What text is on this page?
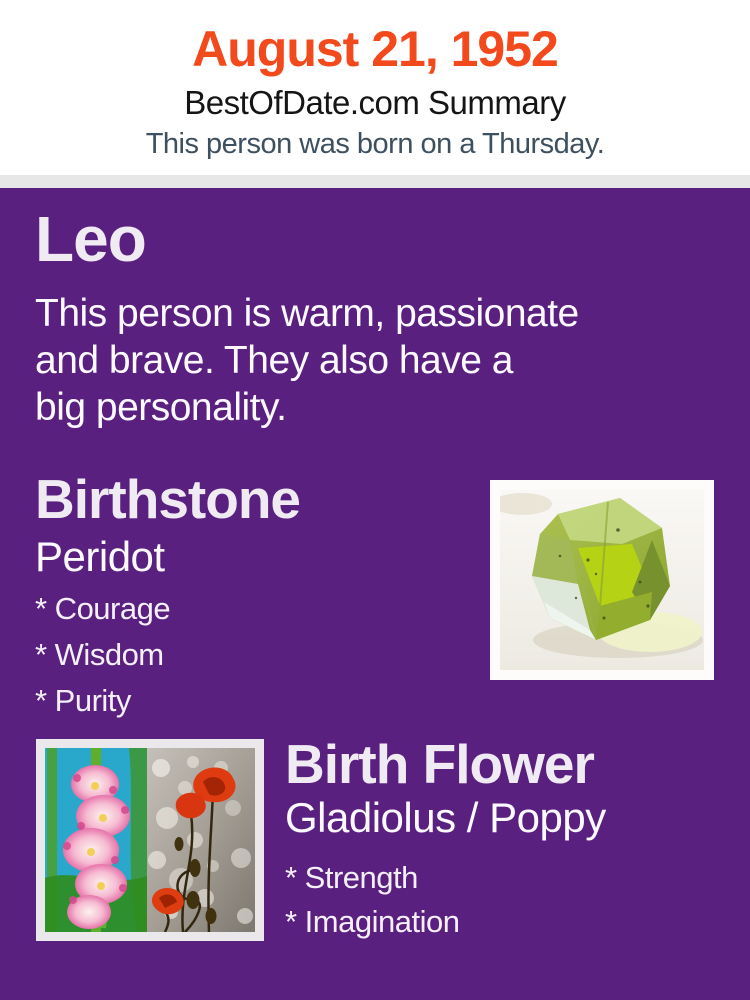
August 21, 1952
BestOfDate.com Summary
This person was born on a Thursday.
Leo
This person is warm, passionate
and brave. They also have a
big personality.
Birthstone
Peridot
* Courage
* Wisdom
* Purity
Birth Flower
Gladiolus / Poppy
* Strength
* Imagination
